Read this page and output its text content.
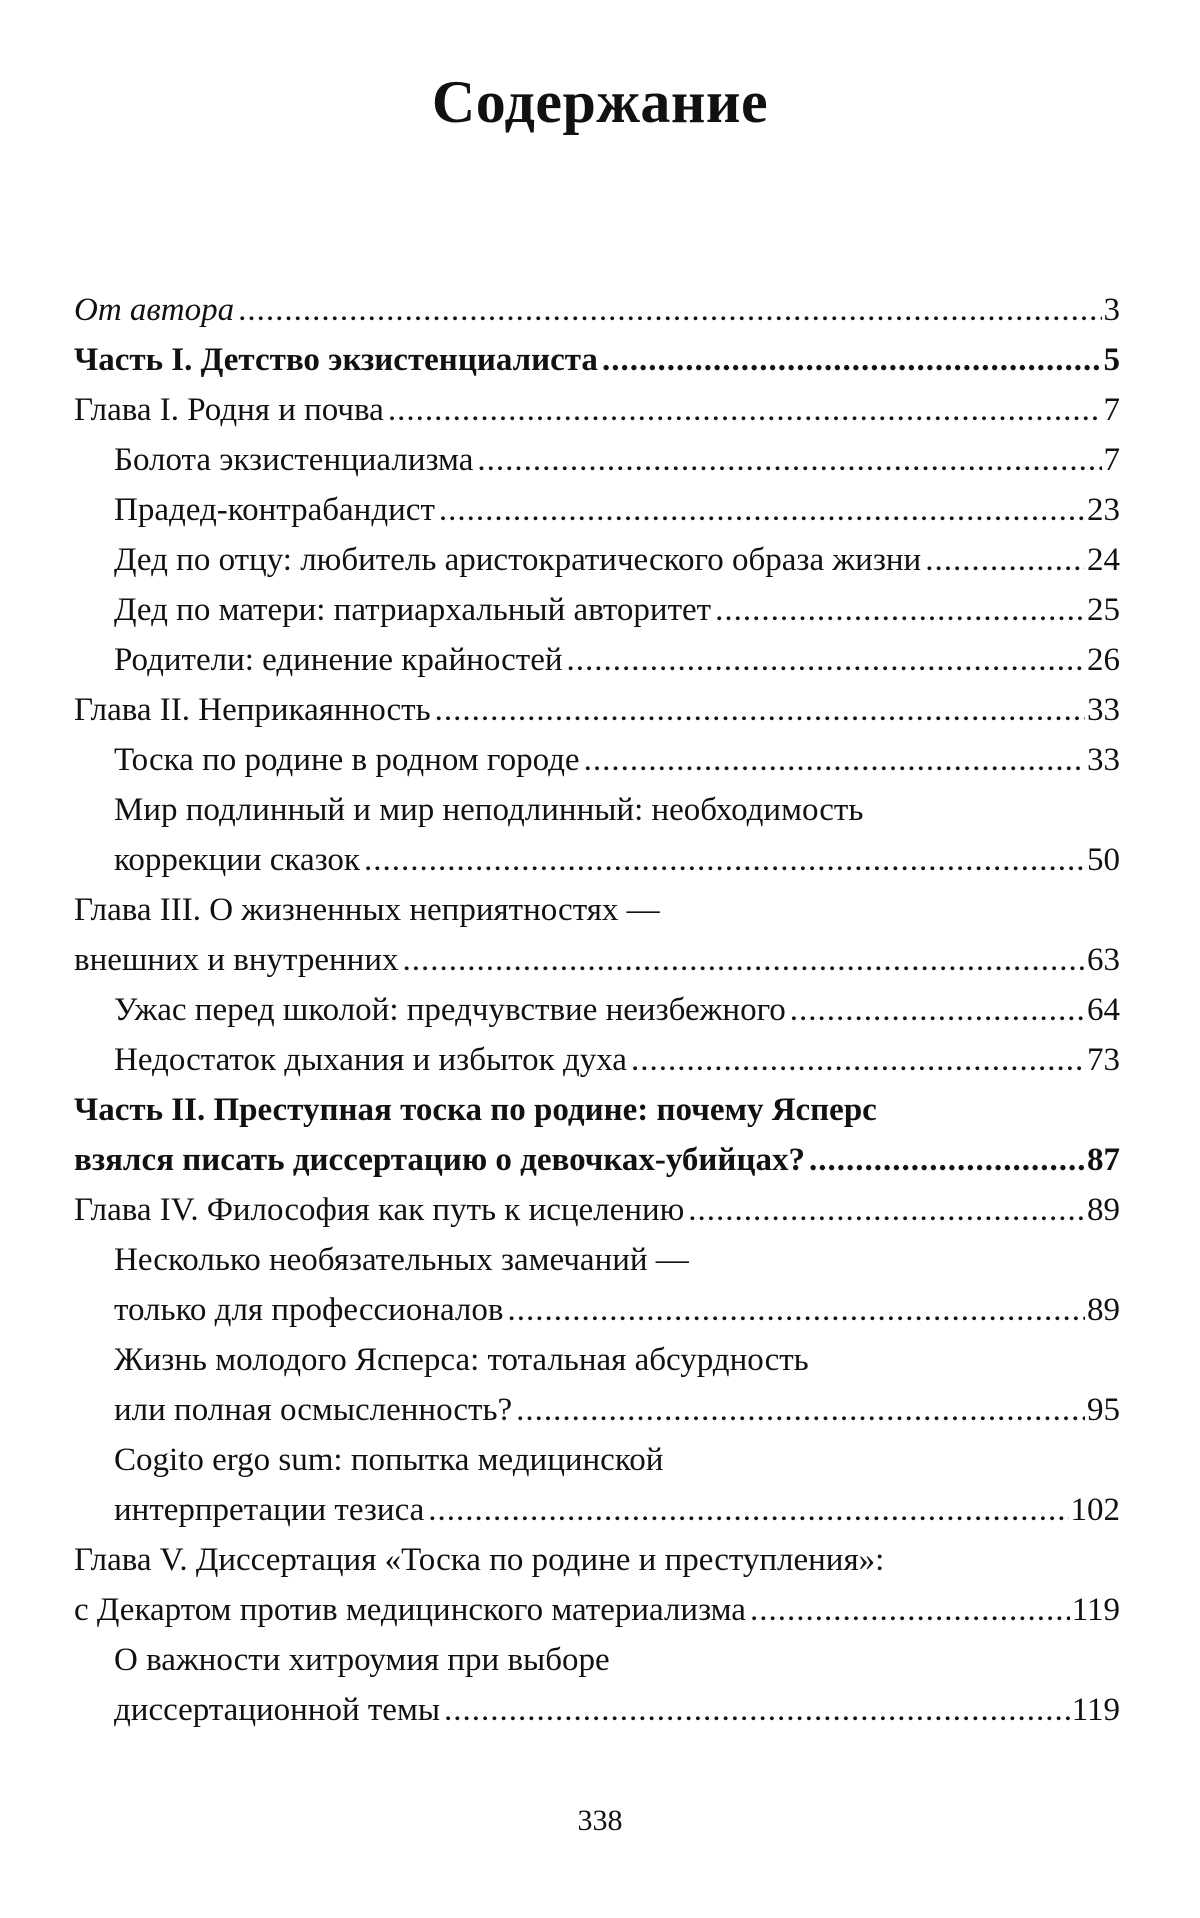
Содержание
От автора .....	3
Часть I. Детство экзистенциалиста .....	5
Глава I. Родня и почва .....	7
Болота экзистенциализма .....	7
Прадед-контрабандист .....	23
Дед по отцу: любитель аристократического образа жизни .....	24
Дед по матери: патриархальный авторитет .....	25
Родители: единение крайностей .....	26
Глава II. Неприкаянность .....	33
Тоска по родине в родном городе .....	33
Мир подлинный и мир неподлинный: необходимость
коррекции сказок .....	50
Глава III. О жизненных неприятностях —
внешних и внутренних .....	63
Ужас перед школой: предчувствие неизбежного .....	64
Недостаток дыхания и избыток духа .....	73
Часть II. Преступная тоска по родине: почему Ясперс
взялся писать диссертацию о девочках-убийцах? .....	87
Глава IV. Философия как путь к исцелению .....	89
Несколько необязательных замечаний —
только для профессионалов .....	89
Жизнь молодого Ясперса: тотальная абсурдность
или полная осмысленность? .....	95
Cogito ergo sum: попытка медицинской
интерпретации тезиса .....	102
Глава V. Диссертация «Тоска по родине и преступления»:
с Декартом против медицинского материализма .....	119
О важности хитроумия при выборе
диссертационной темы .....	119

338
